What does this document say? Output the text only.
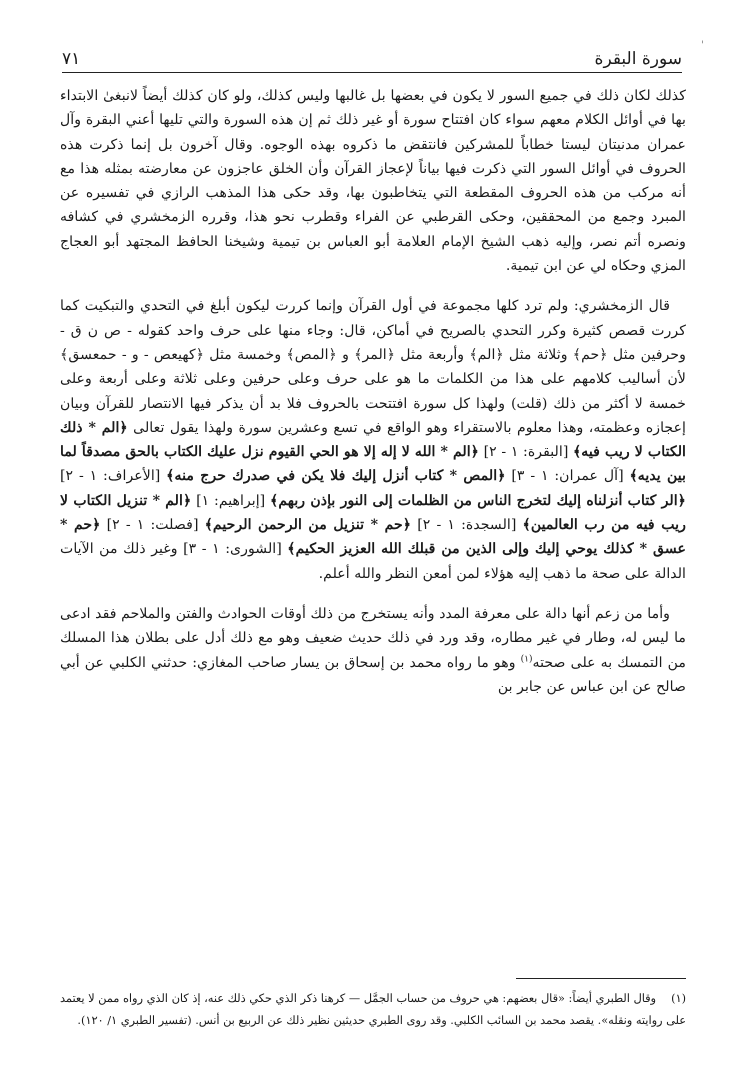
'
سورة البقرة
٧١

كذلك لكان ذلك في جميع السور لا يكون في بعضها بل غالبها وليس كذلك، ولو كان كذلك أيضاً لانبغىٰ الابتداء بها في أوائل الكلام معهم سواء كان افتتاح سورة أو غير ذلك ثم إن هذه السورة والتي تليها أعني البقرة وآل عمران مدنيتان ليستا خطاباً للمشركين فانتقض ما ذكروه بهذه الوجوه. وقال آخرون بل إنما ذكرت هذه الحروف في أوائل السور التي ذكرت فيها بياناً لإعجاز القرآن وأن الخلق عاجزون عن معارضته بمثله هذا مع أنه مركب من هذه الحروف المقطعة التي يتخاطبون بها، وقد حكى هذا المذهب الرازي في تفسيره عن المبرد وجمع من المحققين، وحكى القرطبي عن الفراء وقطرب نحو هذا، وقرره الزمخشري في كشافه ونصره أتم نصر، وإليه ذهب الشيخ الإمام العلامة أبو العباس بن تيمية وشيخنا الحافظ المجتهد أبو العجاج المزي وحكاه لي عن ابن تيمية.

قال الزمخشري: ولم ترد كلها مجموعة في أول القرآن وإنما كررت ليكون أبلغ في التحدي والتبكيت كما كررت قصص كثيرة وكرر التحدي بالصريح في أماكن، قال: وجاء منها على حرف واحد كقوله - ص ن ق - وحرفين مثل ﴿حم﴾ وثلاثة مثل ﴿الم﴾ وأربعة مثل ﴿المر﴾ و ﴿المص﴾ وخمسة مثل ﴿كهيعص - و - حمعسق﴾ لأن أساليب كلامهم على هذا من الكلمات ما هو على حرف وعلى حرفين وعلى ثلاثة وعلى أربعة وعلى خمسة لا أكثر من ذلك (قلت) ولهذا كل سورة افتتحت بالحروف فلا بد أن يذكر فيها الانتصار للقرآن وبيان إعجازه وعظمته، وهذا معلوم بالاستقراء وهو الواقع في تسع وعشرين سورة ولهذا يقول تعالى ﴿الم * ذلك الكتاب لا ريب فيه﴾ [البقرة: ١ - ٢] ﴿الم * الله لا إله إلا هو الحي القيوم نزل عليك الكتاب بالحق مصدقاً لما بين يديه﴾ [آل عمران: ١ - ٣] ﴿المص * كتاب أنزل إليك فلا يكن في صدرك حرج منه﴾ [الأعراف: ١ - ٢] ﴿الر كتاب أنزلناه إليك لتخرج الناس من الظلمات إلى النور بإذن ربهم﴾ [إبراهيم: ١] ﴿الم * تنزيل الكتاب لا ريب فيه من رب العالمين﴾ [السجدة: ١ - ٢] ﴿حم * تنزيل من الرحمن الرحيم﴾ [فصلت: ١ - ٢] ﴿حم * عسق * كذلك يوحي إليك وإلى الذين من قبلك الله العزيز الحكيم﴾ [الشورى: ١ - ٣] وغير ذلك من الآيات الدالة على صحة ما ذهب إليه هؤلاء لمن أمعن النظر والله أعلم.

وأما من زعم أنها دالة على معرفة المدد وأنه يستخرج من ذلك أوقات الحوادث والفتن والملاحم فقد ادعى ما ليس له، وطار في غير مطاره، وقد ورد في ذلك حديث ضعيف وهو مع ذلك أدل على بطلان هذا المسلك من التمسك به على صحته$^{(١)}$ وهو ما رواه محمد بن إسحاق بن يسار صاحب المغازي: حدثني الكلبي عن أبي صالح عن ابن عباس عن جابر بن

(١)وقال الطبري أيضاً: «قال بعضهم: هي حروف من حساب الجمَّل — كرهنا ذكر الذي حكي ذلك عنه، إذ كان الذي رواه ممن لا يعتمد على روايته ونقله». يقصد محمد بن السائب الكلبي. وقد روى الطبري حديثين نظير ذلك عن الربيع بن أنس. (تفسير الطبري ١/ ١٢٠).
